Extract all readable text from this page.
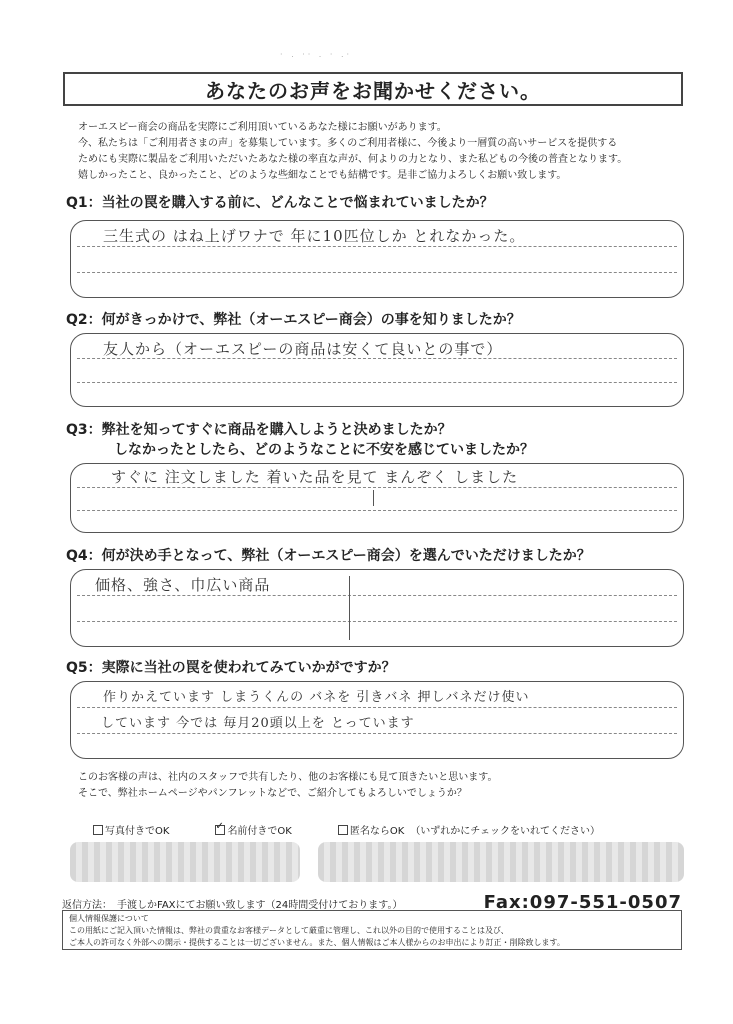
· . ·· . · .·
あなたのお声をお聞かせください。
オーエスピー商会の商品を実際にご利用頂いているあなた様にお願いがあります。
今、私たちは「ご利用者さまの声」を募集しています。多くのご利用者様に、今後より一層質の高いサービスを提供する
ためにも実際に製品をご利用いただいたあなた様の率直な声が、何よりの力となり、また私どもの今後の普査となります。
嬉しかったこと、良かったこと、どのような些細なことでも結構です。是非ご協力よろしくお願い致します。
Q1：当社の罠を購入する前に、どんなことで悩まれていましたか？
三生式の はね上げワナで 年に10匹位しか とれなかった。
Q2：何がきっかけで、弊社（オーエスピー商会）の事を知りましたか？
友人から（オーエスピーの商品は安くて良いとの事で）
Q3：弊社を知ってすぐに商品を購入しようと決めましたか？
しなかったとしたら、どのようなことに不安を感じていましたか？
すぐに 注文しました 着いた品を見て まんぞく しました
Q4：何が決め手となって、弊社（オーエスピー商会）を選んでいただけましたか？
価格、強さ、巾広い商品
Q5：実際に当社の罠を使われてみていかがですか？
作りかえています しまうくんの バネを 引きバネ 押しバネだけ使い
しています 今では 毎月20頭以上を とっています
このお客様の声は、社内のスタッフで共有したり、他のお客様にも見て頂きたいと思います。
そこで、弊社ホームページやパンフレットなどで、ご紹介してもよろしいでしょうか？
写真付きでOK
✓	名前付きでOK	匿名ならOK （いずれかにチェックをいれてください）
返信方法：　手渡しかFAXにてお願い致します（24時間受付けております。）	Fax:097-551-0507
個人情報保護について
この用紙にご記入頂いた情報は、弊社の貴重なお客様データとして厳重に管理し、これ以外の目的で使用することは及び、
ご本人の許可なく外部への開示・提供することは一切ございません。また、個人情報はご本人様からのお申出により訂正・削除致します。
